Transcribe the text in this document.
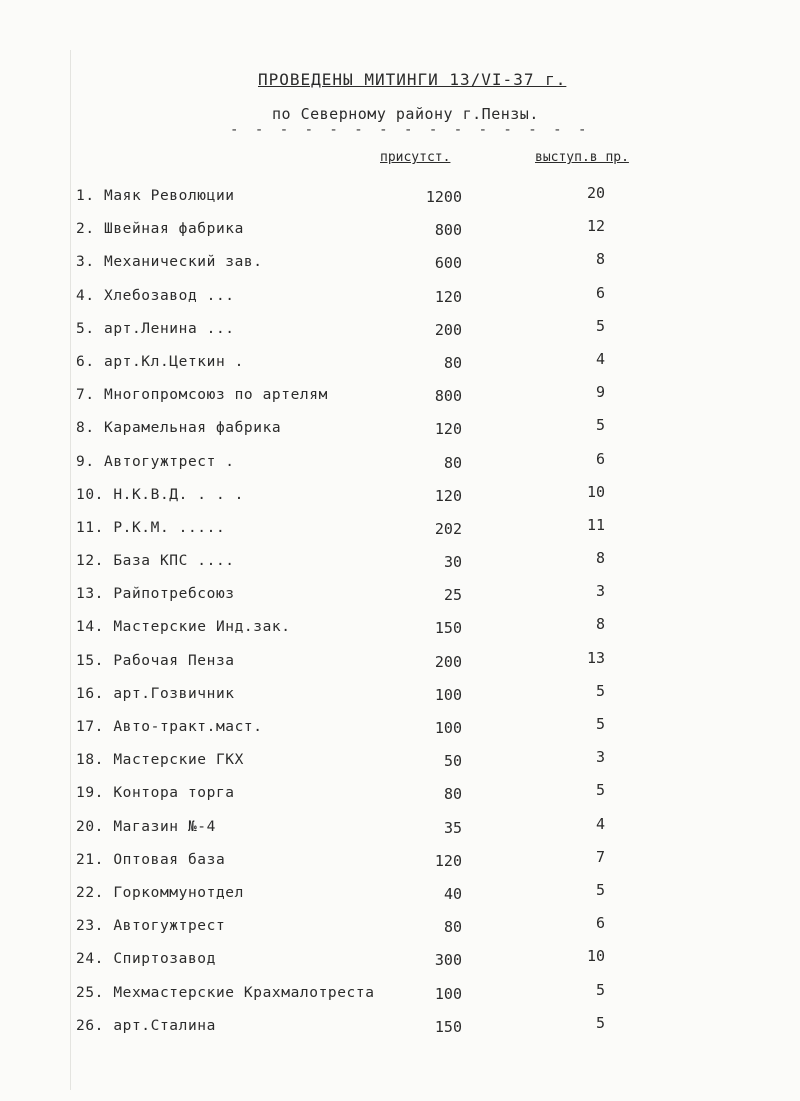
ПРОВЕДЕНЫ МИТИНГИ 13/VI-37 г.
по Северному району г.Пензы.
- - - - - - - - - - - - - - -
присутст.	выступ.в пр.
1. Маяк Революции	1200	20
2. Швейная фабрика	800	12
3. Механический зав.	600	8
4. Хлебозавод ...	120	6
5. арт.Ленина ...	200	5
6. арт.Кл.Цеткин .	80	4
7. Многопромсоюз по артелям	800	9
8. Карамельная фабрика	120	5
9. Автогужтрест .	80	6
10. Н.К.В.Д. . . .	120	10
11. Р.К.М. .....	202	11
12. База КПС ....	30	8
13. Райпотребсоюз	25	3
14. Мастерские Инд.зак.	150	8
15. Рабочая Пенза	200	13
16. арт.Гозвичник	100	5
17. Авто-тракт.маст.	100	5
18. Мастерские ГКХ	50	3
19. Контора торга	80	5
20. Магазин №-4	35	4
21. Оптовая база	120	7
22. Горкоммунотдел	40	5
23. Автогужтрест	80	6
24. Спиртозавод	300	10
25. Мехмастерские Крахмалотреста	100	5
26. арт.Сталина	150	5
